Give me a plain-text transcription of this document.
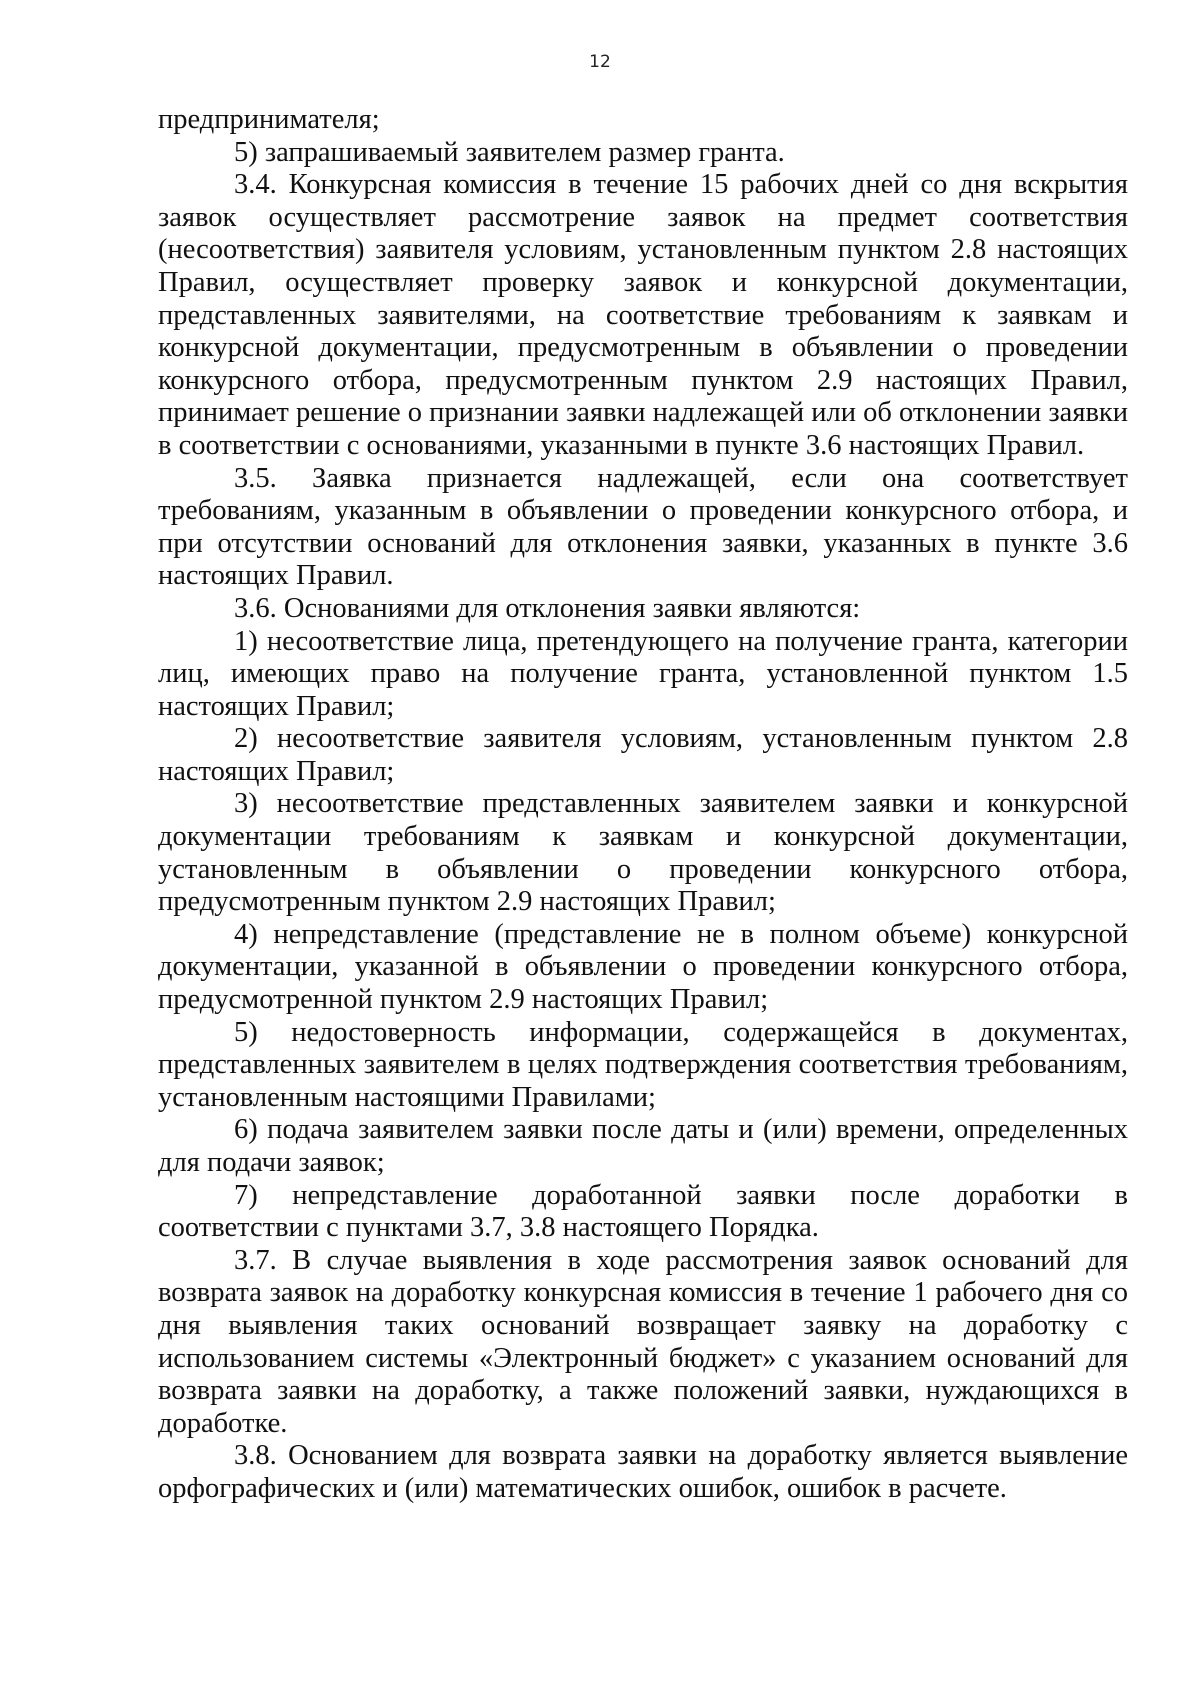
12

предпринимателя;

5) запрашиваемый заявителем размер гранта.

3.4. Конкурсная комиссия в течение 15 рабочих дней со дня вскрытия заявок осуществляет рассмотрение заявок на предмет соответствия (несоответствия) заявителя условиям, установленным пунктом 2.8 настоящих Правил, осуществляет проверку заявок и конкурсной документации, представленных заявителями, на соответствие требованиям к заявкам и конкурсной документации, предусмотренным в объявлении о проведении конкурсного отбора, предусмотренным пунктом 2.9 настоящих Правил, принимает решение о признании заявки надлежащей или об отклонении заявки в соответствии с основаниями, указанными в пункте 3.6 настоящих Правил.

3.5. Заявка признается надлежащей, если она соответствует требованиям, указанным в объявлении о проведении конкурсного отбора, и при отсутствии оснований для отклонения заявки, указанных в пункте 3.6 настоящих Правил.

3.6. Основаниями для отклонения заявки являются:

1) несоответствие лица, претендующего на получение гранта, категории лиц, имеющих право на получение гранта, установленной пунктом 1.5 настоящих Правил;

2) несоответствие заявителя условиям, установленным пунктом 2.8 настоящих Правил;

3) несоответствие представленных заявителем заявки и конкурсной документации требованиям к заявкам и конкурсной документации, установленным в объявлении о проведении конкурсного отбора, предусмотренным пунктом 2.9 настоящих Правил;

4) непредставление (представление не в полном объеме) конкурсной документации, указанной в объявлении о проведении конкурсного отбора, предусмотренной пунктом 2.9 настоящих Правил;

5) недостоверность информации, содержащейся в документах, представленных заявителем в целях подтверждения соответствия требованиям, установленным настоящими Правилами;

6) подача заявителем заявки после даты и (или) времени, определенных для подачи заявок;

7) непредставление доработанной заявки после доработки в соответствии с пунктами 3.7, 3.8 настоящего Порядка.

3.7. В случае выявления в ходе рассмотрения заявок оснований для возврата заявок на доработку конкурсная комиссия в течение 1 рабочего дня со дня выявления таких оснований возвращает заявку на доработку с использованием системы «Электронный бюджет» с указанием оснований для возврата заявки на доработку, а также положений заявки, нуждающихся в доработке.

3.8. Основанием для возврата заявки на доработку является выявление орфографических и (или) математических ошибок, ошибок в расчете.
